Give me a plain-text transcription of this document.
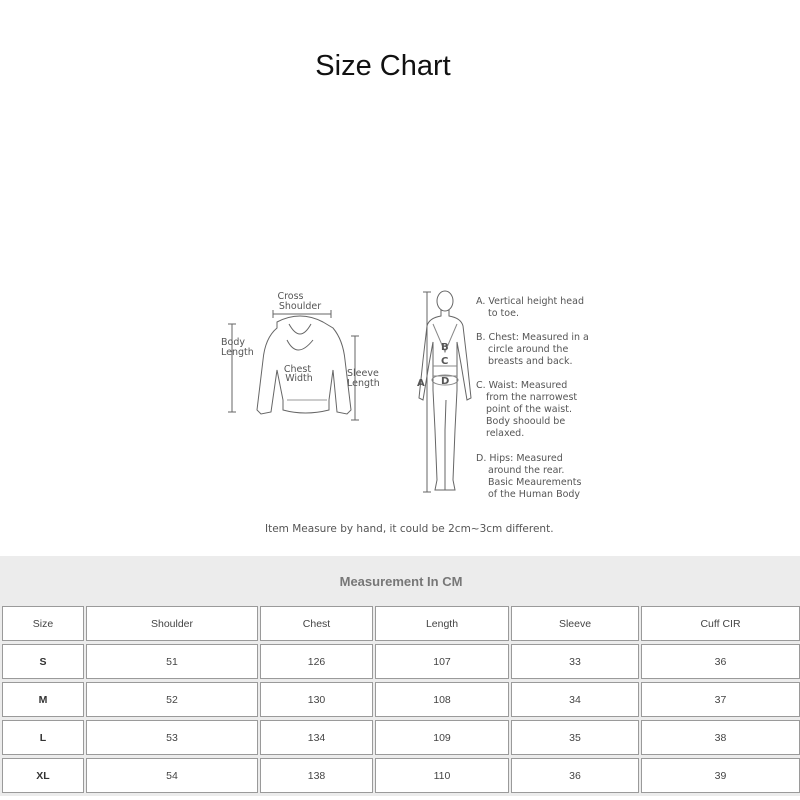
Size Chart
Cross Shoulder
Body Length
Chest Width	Sleeve Length	A
B
C
D
A. Vertical height head to toe.
B. Chest: Measured in a circle around the breasts and back.
C. Waist: Measured from the narrowest point of the waist. Body shoould be relaxed.
D. Hips: Measured around the rear. Basic Meaurements of the Human Body
Item Measure by hand, it could be 2cm~3cm different.
Measurement In CM					
Size	Shoulder	Chest	Length	Sleeve	Cuff CIR
S	51	126	107	33	36
M	52	130	108	34	37
L	53	134	109	35	38
XL	54	138	110	36	39
